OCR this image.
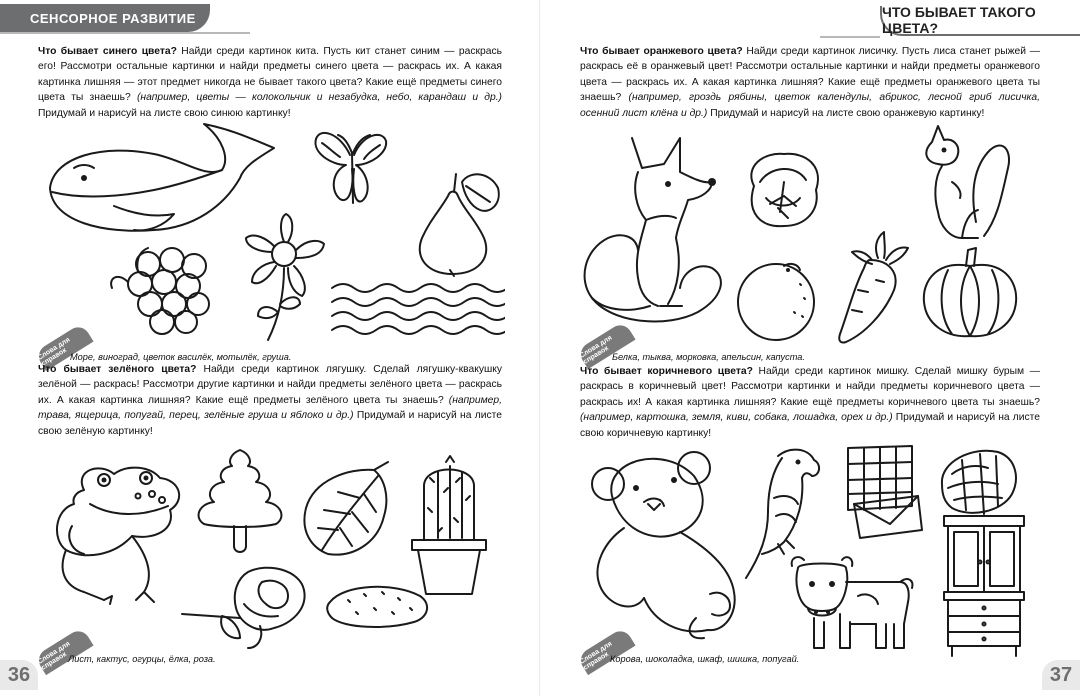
СЕНСОРНОЕ РАЗВИТИЕ
Что бывает синего цвета? Найди среди картинок кита. Пусть кит станет синим — раскрась его! Рассмотри остальные картинки и найди предметы синего цвета — раскрась их. А какая картинка лишняя — этот предмет никогда не бывает такого цвета? Какие ещё предметы синего цвета ты знаешь? (например, цветы — колокольчик и незабудка, небо, карандаш и др.) Придумай и нарисуй на листе свою синюю картинку!
Слова для справок Море, виноград, цветок василёк, мотылёк, груша.
Что бывает зелёного цвета? Найди среди картинок лягушку. Сделай лягушку-квакушку зелёной — раскрась! Рассмотри другие картинки и найди предметы зелёного цвета — раскрась их. А какая картинка лишняя? Какие ещё предметы зелёного цвета ты знаешь? (например, трава, ящерица, попугай, перец, зелёные груша и яблоко и др.) Придумай и нарисуй на листе свою зелёную картинку!
Слова для справок Лист, кактус, огурцы, ёлка, роза.
36
ЧТО БЫВАЕТ ТАКОГО ЦВЕТА?
Что бывает оранжевого цвета? Найди среди картинок лисичку. Пусть лиса станет рыжей — раскрась её в оранжевый цвет! Рассмотри остальные картинки и найди предметы оранжевого цвета — раскрась их. А какая картинка лишняя? Какие ещё предметы оранжевого цвета ты знаешь? (например, гроздь рябины, цветок календулы, абрикос, лесной гриб лисичка, осенний лист клёна и др.) Придумай и нарисуй на листе свою оранжевую картинку!
Слова для справок Белка, тыква, морковка, апельсин, капуста.
Что бывает коричневого цвета? Найди среди картинок мишку. Сделай мишку бурым — раскрась в коричневый цвет! Рассмотри картинки и найди предметы коричневого цвета — раскрась их! А какая картинка лишняя? Какие ещё предметы коричневого цвета ты знаешь? (например, картошка, земля, киви, собака, лошадка, орех и др.) Придумай и нарисуй на листе свою коричневую картинку!
Слова для справок Корова, шоколадка, шкаф, шишка, попугай.
37
